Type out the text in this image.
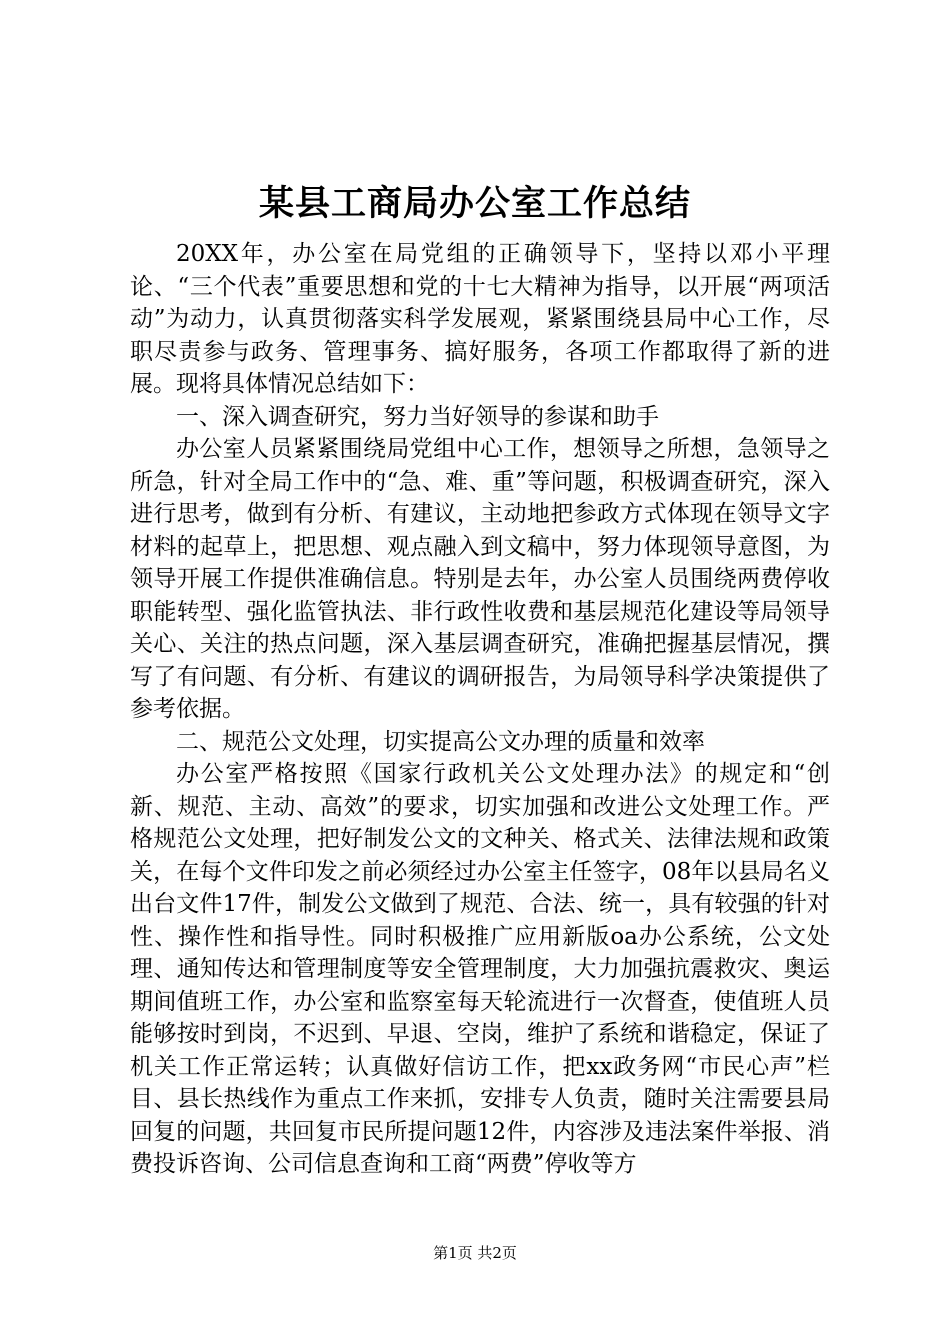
某县工商局办公室工作总结

20XX年，办公室在局党组的正确领导下，坚持以邓小平理论、“三个代表”重要思想和党的十七大精神为指导，以开展“两项活动”为动力，认真贯彻落实科学发展观，紧紧围绕县局中心工作，尽职尽责参与政务、管理事务、搞好服务，各项工作都取得了新的进展。现将具体情况总结如下：

一、深入调查研究，努力当好领导的参谋和助手

办公室人员紧紧围绕局党组中心工作，想领导之所想，急领导之所急，针对全局工作中的“急、难、重”等问题，积极调查研究，深入进行思考，做到有分析、有建议，主动地把参政方式体现在领导文字材料的起草上，把思想、观点融入到文稿中，努力体现领导意图，为领导开展工作提供准确信息。特别是去年，办公室人员围绕两费停收职能转型、强化监管执法、非行政性收费和基层规范化建设等局领导关心、关注的热点问题，深入基层调查研究，准确把握基层情况，撰写了有问题、有分析、有建议的调研报告，为局领导科学决策提供了参考依据。

二、规范公文处理，切实提高公文办理的质量和效率

办公室严格按照《国家行政机关公文处理办法》的规定和“创新、规范、主动、高效”的要求，切实加强和改进公文处理工作。严格规范公文处理，把好制发公文的文种关、格式关、法律法规和政策关，在每个文件印发之前必须经过办公室主任签字，08年以县局名义出台文件17件，制发公文做到了规范、合法、统一，具有较强的针对性、操作性和指导性。同时积极推广应用新版oa办公系统，公文处理、通知传达和管理制度等安全管理制度，大力加强抗震救灾、奥运期间值班工作，办公室和监察室每天轮流进行一次督查，使值班人员能够按时到岗，不迟到、早退、空岗，维护了系统和谐稳定，保证了机关工作正常运转；认真做好信访工作，把xx政务网“市民心声”栏目、县长热线作为重点工作来抓，安排专人负责，随时关注需要县局回复的问题，共回复市民所提问题12件，内容涉及违法案件举报、消费投诉咨询、公司信息查询和工商“两费”停收等方

第1页 共2页
